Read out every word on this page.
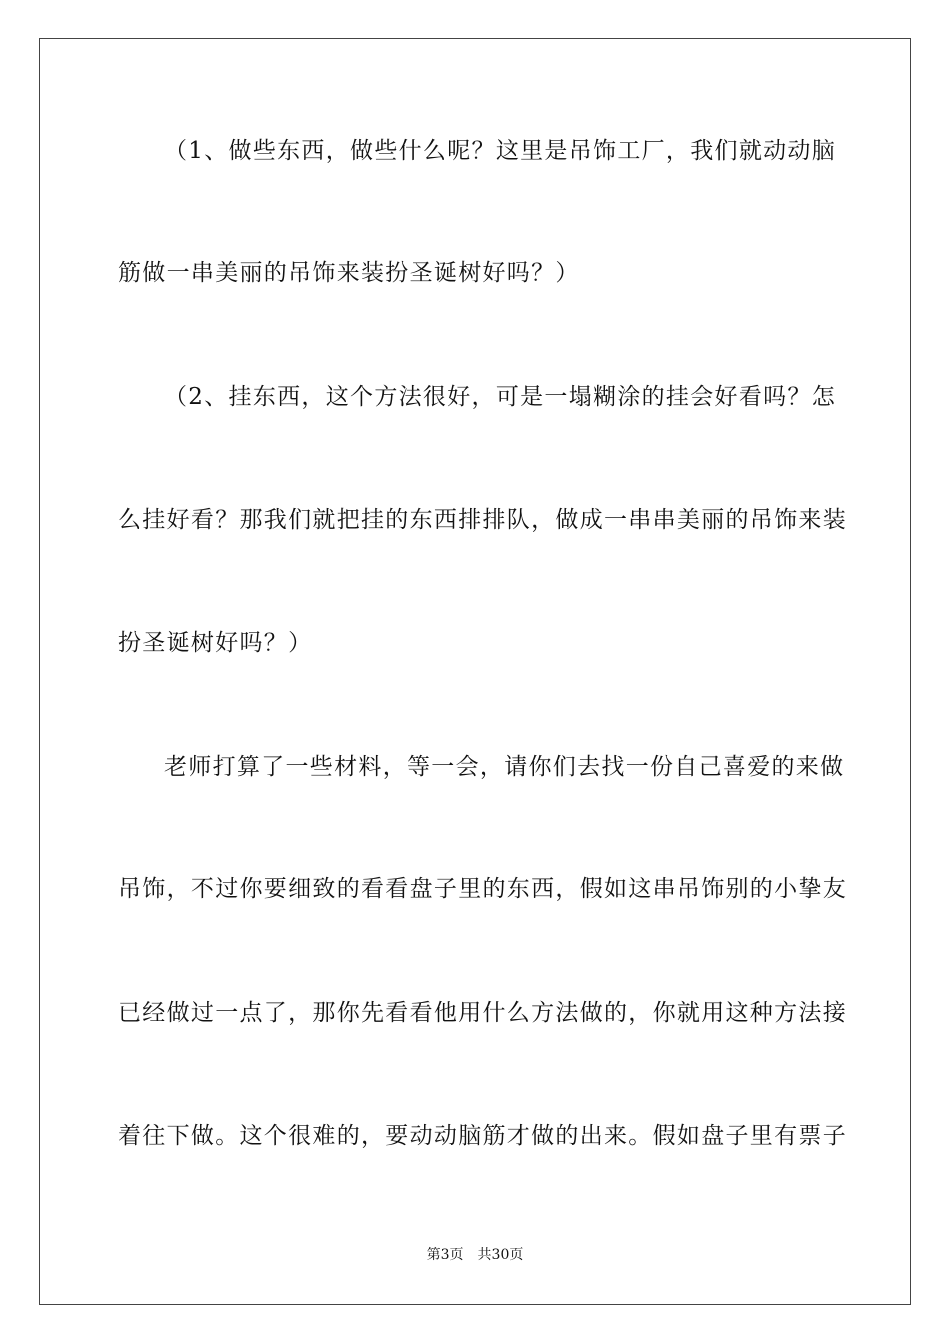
（1、做些东西，做些什么呢？这里是吊饰工厂，我们就动动脑
筋做一串美丽的吊饰来装扮圣诞树好吗？）
（2、挂东西，这个方法很好，可是一塌糊涂的挂会好看吗？怎
么挂好看？那我们就把挂的东西排排队，做成一串串美丽的吊饰来装
扮圣诞树好吗？）
老师打算了一些材料，等一会，请你们去找一份自己喜爱的来做
吊饰，不过你要细致的看看盘子里的东西，假如这串吊饰别的小挚友
已经做过一点了，那你先看看他用什么方法做的，你就用这种方法接
着往下做。这个很难的，要动动脑筋才做的出来。假如盘子里有票子
第3页 共30页
